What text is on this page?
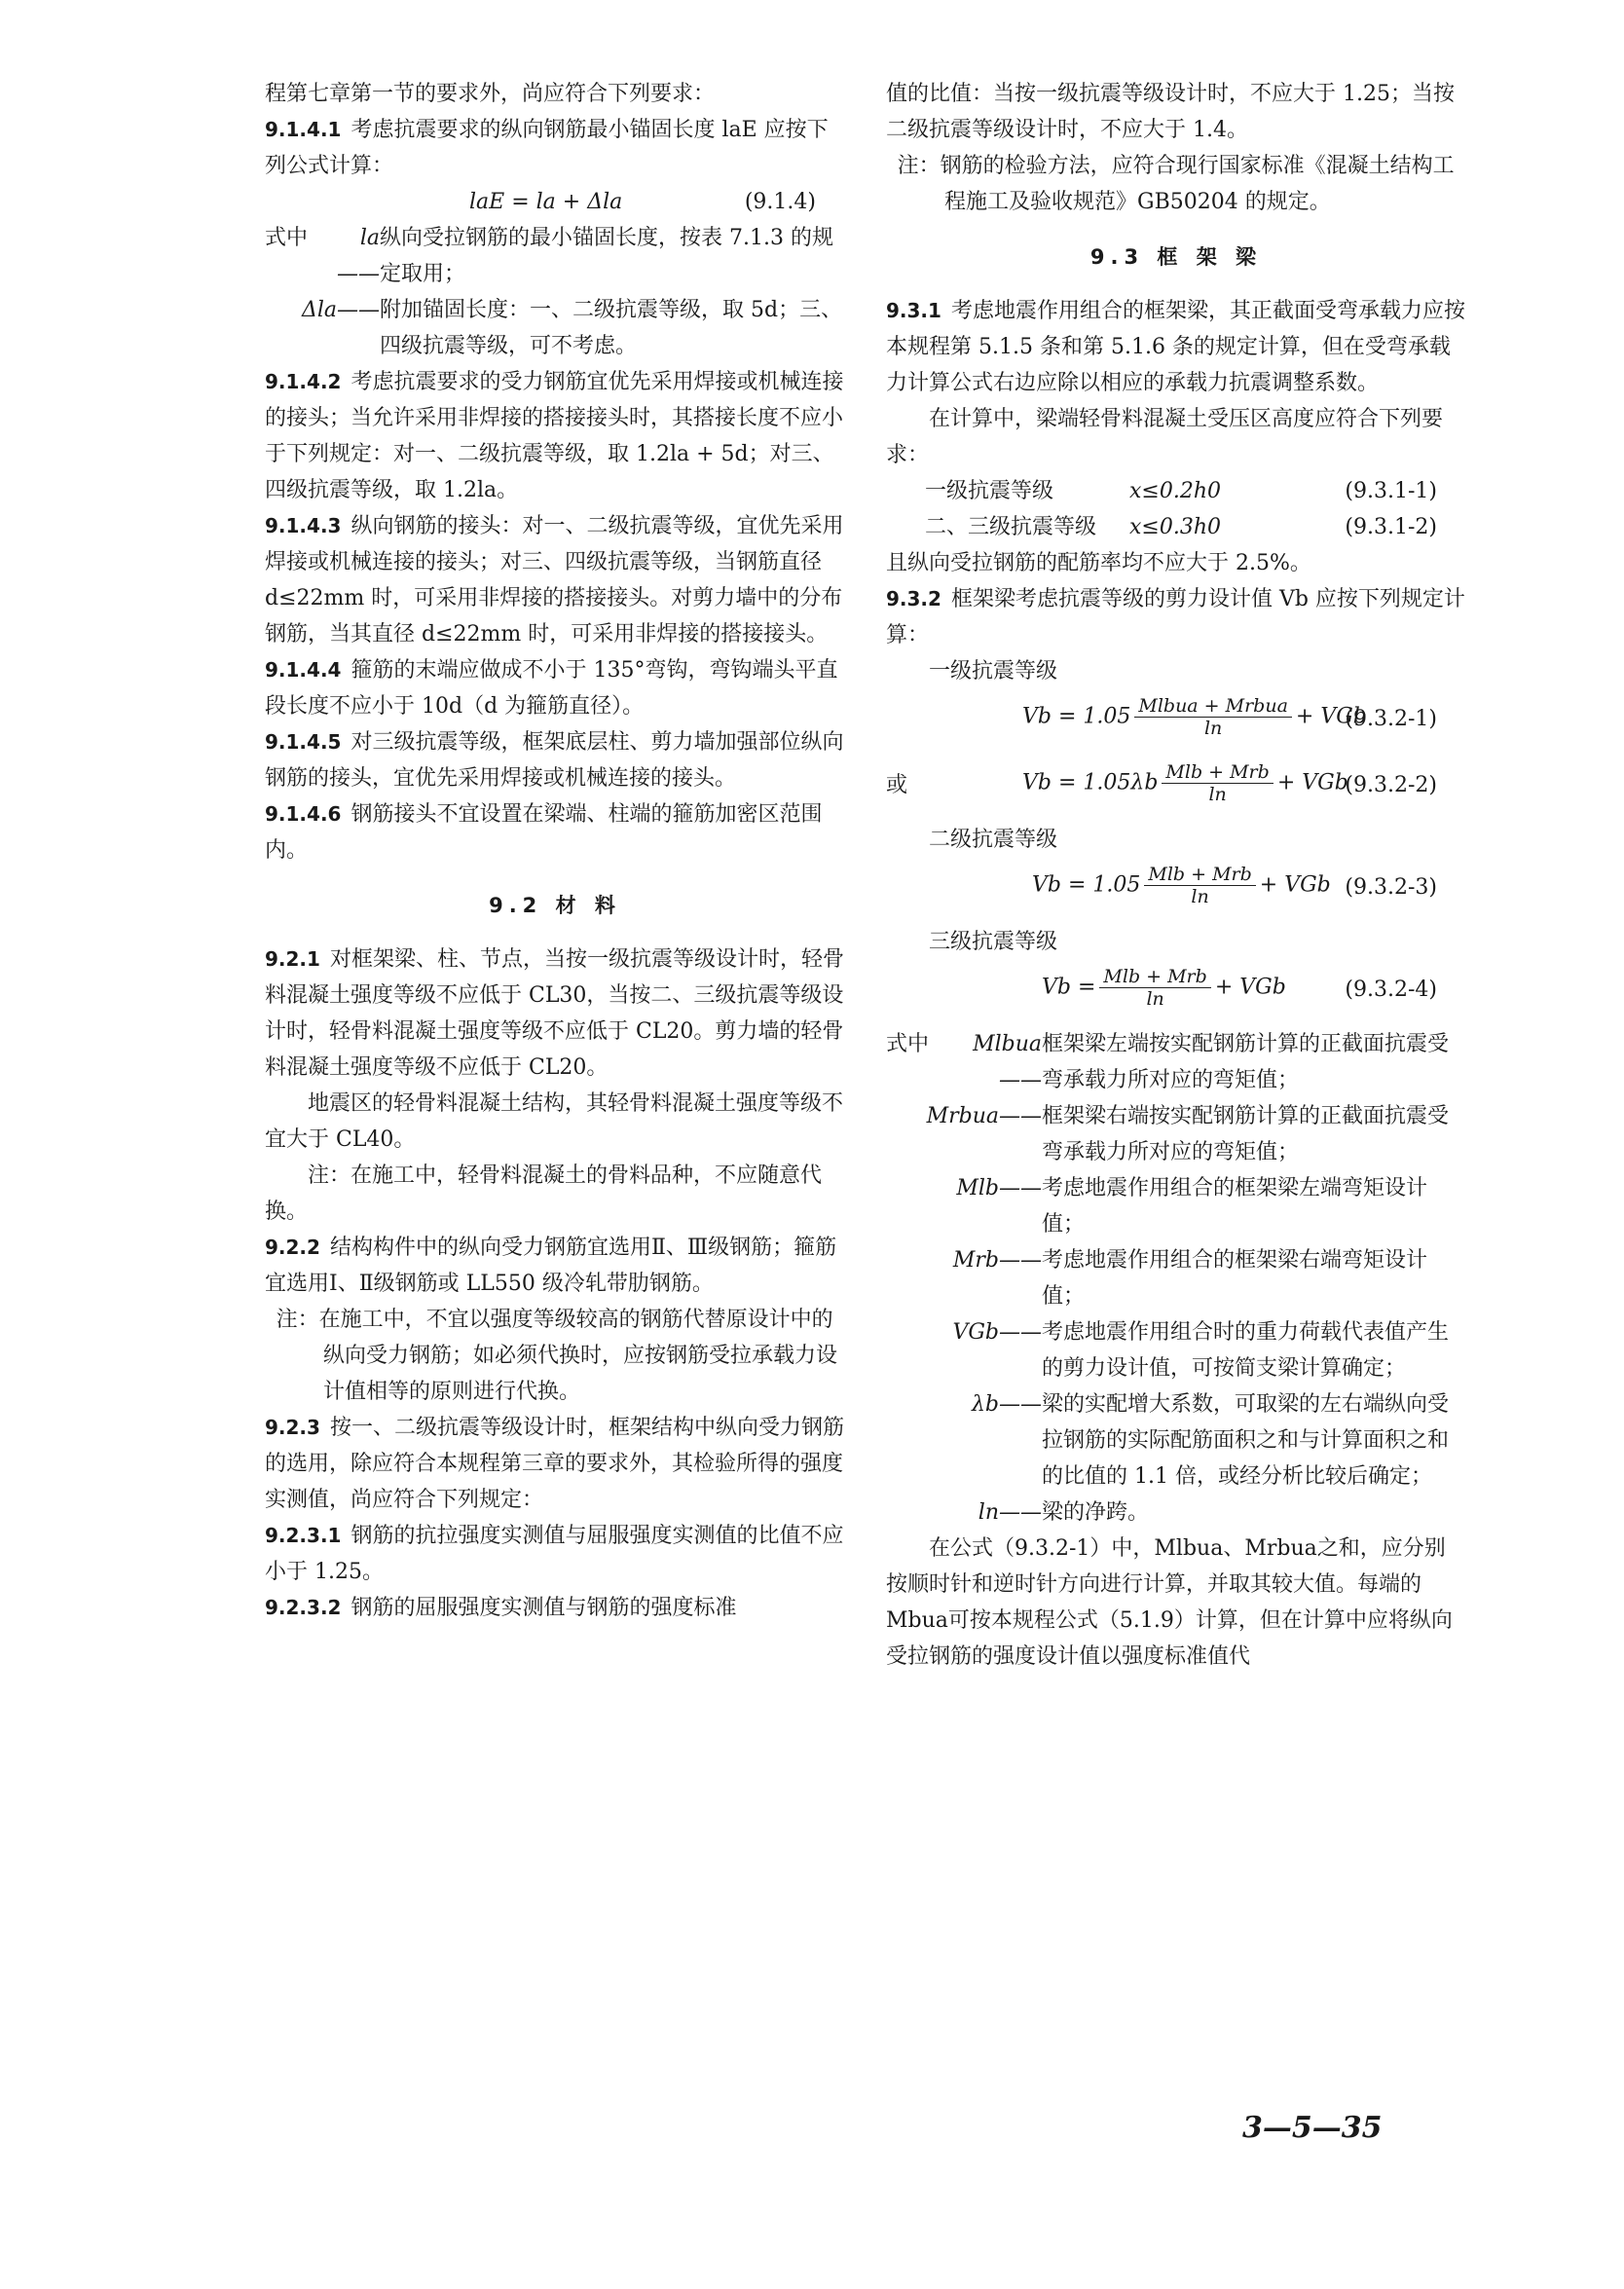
程第七章第一节的要求外，尚应符合下列要求：

9.1.4.1 考虑抗震要求的纵向钢筋最小锚固长度 laE 应按下列公式计算：

laE = la + Δla	(9.1.4)
式中	la——
纵向受拉钢筋的最小锚固长度，按表 7.1.3 的规定取用；
Δla—— 附加锚固长度：一、二级抗震等级，取 5d；三、四级抗震等级，可不考虑。

9.1.4.2 考虑抗震要求的受力钢筋宜优先采用焊接或机械连接的接头；当允许采用非焊接的搭接接头时，其搭接长度不应小于下列规定：对一、二级抗震等级，取 1.2la + 5d；对三、四级抗震等级，取 1.2la。

9.1.4.3 纵向钢筋的接头：对一、二级抗震等级，宜优先采用焊接或机械连接的接头；对三、四级抗震等级，当钢筋直径 d≤22mm 时，可采用非焊接的搭接接头。对剪力墙中的分布钢筋，当其直径 d≤22mm 时，可采用非焊接的搭接接头。

9.1.4.4 箍筋的末端应做成不小于 135°弯钩，弯钩端头平直段长度不应小于 10d（d 为箍筋直径）。

9.1.4.5 对三级抗震等级，框架底层柱、剪力墙加强部位纵向钢筋的接头，宜优先采用焊接或机械连接的接头。

9.1.4.6 钢筋接头不宜设置在梁端、柱端的箍筋加密区范围内。

9.2 材 料

9.2.1 对框架梁、柱、节点，当按一级抗震等级设计时，轻骨料混凝土强度等级不应低于 CL30，当按二、三级抗震等级设计时，轻骨料混凝土强度等级不应低于 CL20。剪力墙的轻骨料混凝土强度等级不应低于 CL20。

地震区的轻骨料混凝土结构，其轻骨料混凝土强度等级不宜大于 CL40。

注：在施工中，轻骨料混凝土的骨料品种，不应随意代换。

9.2.2 结构构件中的纵向受力钢筋宜选用Ⅱ、Ⅲ级钢筋；箍筋宜选用Ⅰ、Ⅱ级钢筋或 LL550 级冷轧带肋钢筋。

注：在施工中，不宜以强度等级较高的钢筋代替原设计中的纵向受力钢筋；如必须代换时，应按钢筋受拉承载力设计值相等的原则进行代换。

9.2.3 按一、二级抗震等级设计时，框架结构中纵向受力钢筋的选用，除应符合本规程第三章的要求外，其检验所得的强度实测值，尚应符合下列规定：

9.2.3.1 钢筋的抗拉强度实测值与屈服强度实测值的比值不应小于 1.25。

9.2.3.2 钢筋的屈服强度实测值与钢筋的强度标准

值的比值：当按一级抗震等级设计时，不应大于 1.25；当按二级抗震等级设计时，不应大于 1.4。

注：钢筋的检验方法，应符合现行国家标准《混凝土结构工程施工及验收规范》GB50204 的规定。

9.3 框 架 梁

9.3.1 考虑地震作用组合的框架梁，其正截面受弯承载力应按本规程第 5.1.5 条和第 5.1.6 条的规定计算，但在受弯承载力计算公式右边应除以相应的承载力抗震调整系数。

在计算中，梁端轻骨料混凝土受压区高度应符合下列要求：

一级抗震等级	x≤0.2h0	(9.3.1-1)
二、三级抗震等级	x≤0.3h0	(9.3.1-2)

且纵向受拉钢筋的配筋率均不应大于 2.5%。

9.3.2 框架梁考虑抗震等级的剪力设计值 Vb 应按下列规定计算：

一级抗震等级

$Vb = 1.05 \frac{\text{Mlbua + Mrbua}}{\ln}$ + VGb
(9.3.2-1)
或	$Vb = 1.05\lambda b \frac{\text{Mlb + Mrb}}{\ln}$ + VGb
(9.3.2-2)

二级抗震等级

$Vb = 1.05 \frac{\text{Mlb + Mrb}}{\ln}$ + VGb (9.3.2-3)

三级抗震等级

$Vb = \frac{\text{Mlb + Mrb}}{\ln}$ + VGb	(9.3.2-4)
式中	Mlbua——
框架梁左端按实配钢筋计算的正截面抗震受弯承载力所对应的弯矩值；
Mrbua—— 框架梁右端按实配钢筋计算的正截面抗震受弯承载力所对应的弯矩值；
Mlb—— 考虑地震作用组合的框架梁左端弯矩设计值；
Mrb—— 考虑地震作用组合的框架梁右端弯矩设计值；
VGb—— 考虑地震作用组合时的重力荷载代表值产生的剪力设计值，可按简支梁计算确定；
λb—— 梁的实配增大系数，可取梁的左右端纵向受拉钢筋的实际配筋面积之和与计算面积之和的比值的 1.1 倍，或经分析比较后确定；
ln—— 梁的净跨。

在公式（9.3.2-1）中，Mlbua、Mrbua之和，应分别按顺时针和逆时针方向进行计算，并取其较大值。每端的 Mbua可按本规程公式（5.1.9）计算，但在计算中应将纵向受拉钢筋的强度设计值以强度标准值代

3—5—35
